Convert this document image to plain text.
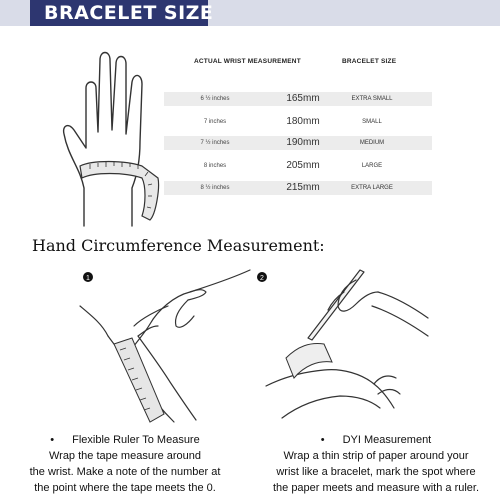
BRACELET SIZE
ACTUAL WRIST MEASUREMENT	BRACELET SIZE
6 ½ inches	165mm	EXTRA SMALL
7 inches	180mm	SMALL
7 ½ inches	190mm	MEDIUM
8 inches	205mm	LARGE
8 ½ inches	215mm	EXTRA LARGE
Hand Circumference Measurement:
1	2
• Flexible Ruler To Measure
Wrap the tape measure around
the wrist. Make a note of the number at
the point where the tape meets the 0.
• DYI Measurement
Wrap a thin strip of paper around your
wrist like a bracelet, mark the spot where
the paper meets and measure with a ruler.
